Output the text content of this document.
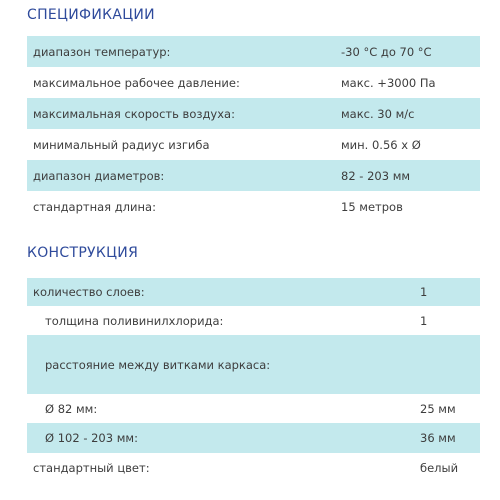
СПЕЦИФИКАЦИИ
диапазон температур:	-30 °C до 70 °C
максимальное рабочее давление:	макс. +3000 Па
максимальная скорость воздуха:	макс. 30 м/с
минимальный радиус изгиба	мин. 0.56 x Ø
диапазон диаметров:	82 - 203 мм
стандартная длина:	15 метров
КОНСТРУКЦИЯ
количество слоев:	1
толщина поливинилхлорида:	1
расстояние между витками каркаса:
Ø 82 мм:	25 мм
Ø 102 - 203 мм:	36 мм
стандартный цвет:	белый
